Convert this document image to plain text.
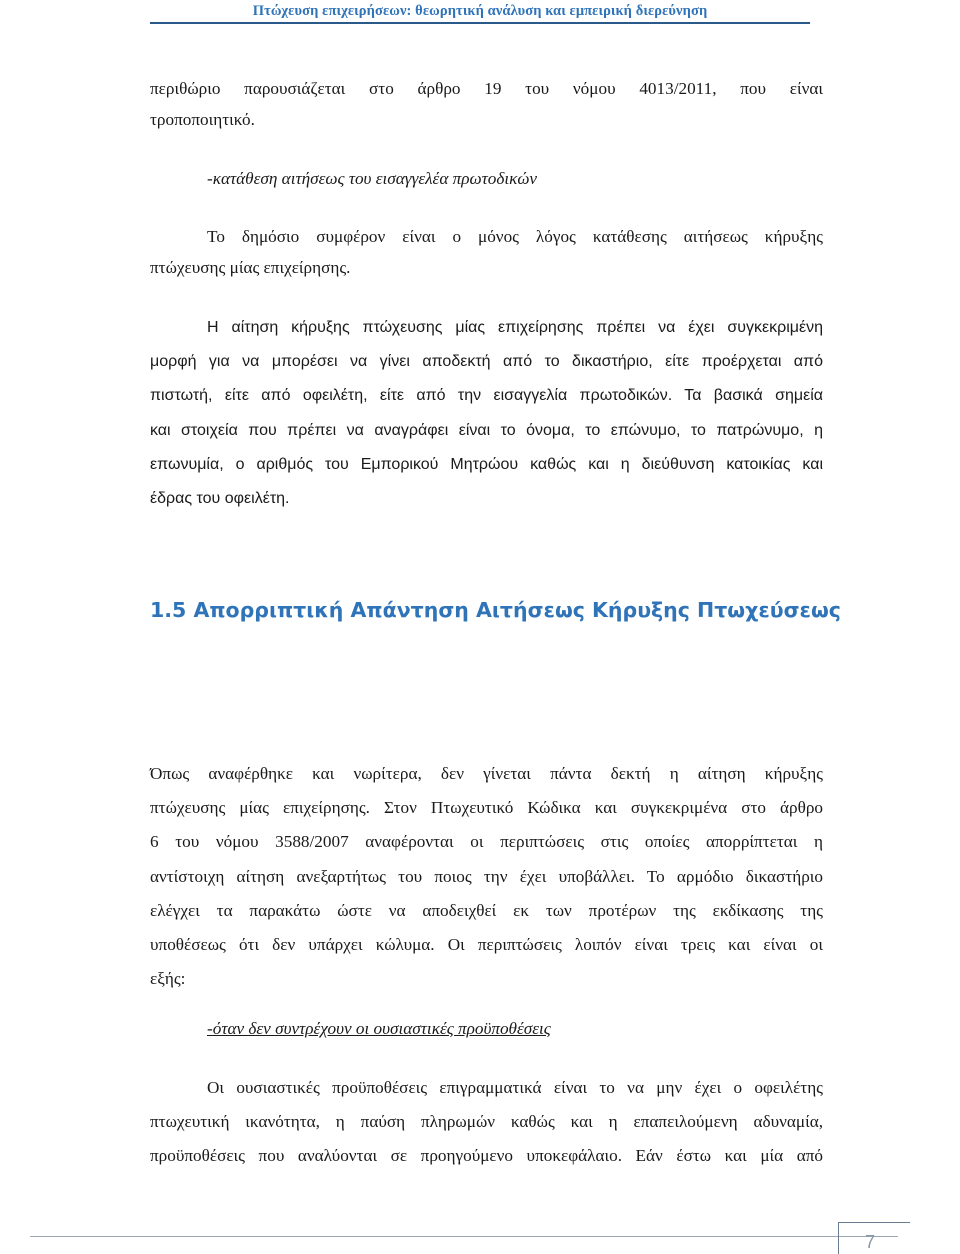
Πτώχευση επιχειρήσεων: θεωρητική ανάλυση και εμπειρική διερεύνηση
περιθώριο παρουσιάζεται στο άρθρο 19 του νόμου 4013/2011, που είναι
τροποποιητικό.
-κατάθεση αιτήσεως του εισαγγελέα πρωτοδικών
Το δημόσιο συμφέρον είναι ο μόνος λόγος κατάθεσης αιτήσεως κήρυξης
πτώχευσης μίας επιχείρησης.
Η αίτηση κήρυξης πτώχευσης μίας επιχείρησης πρέπει να έχει συγκεκριμένη
μορφή για να μπορέσει να γίνει αποδεκτή από το δικαστήριο, είτε προέρχεται από
πιστωτή, είτε από οφειλέτη, είτε από την εισαγγελία πρωτοδικών. Τα βασικά σημεία
και στοιχεία που πρέπει να αναγράφει είναι το όνομα, το επώνυμο, το πατρώνυμο, η
επωνυμία, ο αριθμός του Εμπορικού Μητρώου καθώς και η διεύθυνση κατοικίας και
έδρας του οφειλέτη.
1.5 Απορριπτική Απάντηση Αιτήσεως Κήρυξης Πτωχεύσεως
Όπως αναφέρθηκε και νωρίτερα, δεν γίνεται πάντα δεκτή η αίτηση κήρυξης
πτώχευσης μίας επιχείρησης. Στον Πτωχευτικό Κώδικα και συγκεκριμένα στο άρθρο
6 του νόμου 3588/2007 αναφέρονται οι περιπτώσεις στις οποίες απορρίπτεται η
αντίστοιχη αίτηση ανεξαρτήτως του ποιος την έχει υποβάλλει. Το αρμόδιο δικαστήριο
ελέγχει τα παρακάτω ώστε να αποδειχθεί εκ των προτέρων της εκδίκασης της
υποθέσεως ότι δεν υπάρχει κώλυμα. Οι περιπτώσεις λοιπόν είναι τρεις και είναι οι
εξής:
-όταν δεν συντρέχουν οι ουσιαστικές προϋποθέσεις
Οι ουσιαστικές προϋποθέσεις επιγραμματικά είναι το να μην έχει ο οφειλέτης
πτωχευτική ικανότητα, η παύση πληρωμών καθώς και η επαπειλούμενη αδυναμία,
προϋποθέσεις που αναλύονται σε προηγούμενο υποκεφάλαιο. Εάν έστω και μία από
7
